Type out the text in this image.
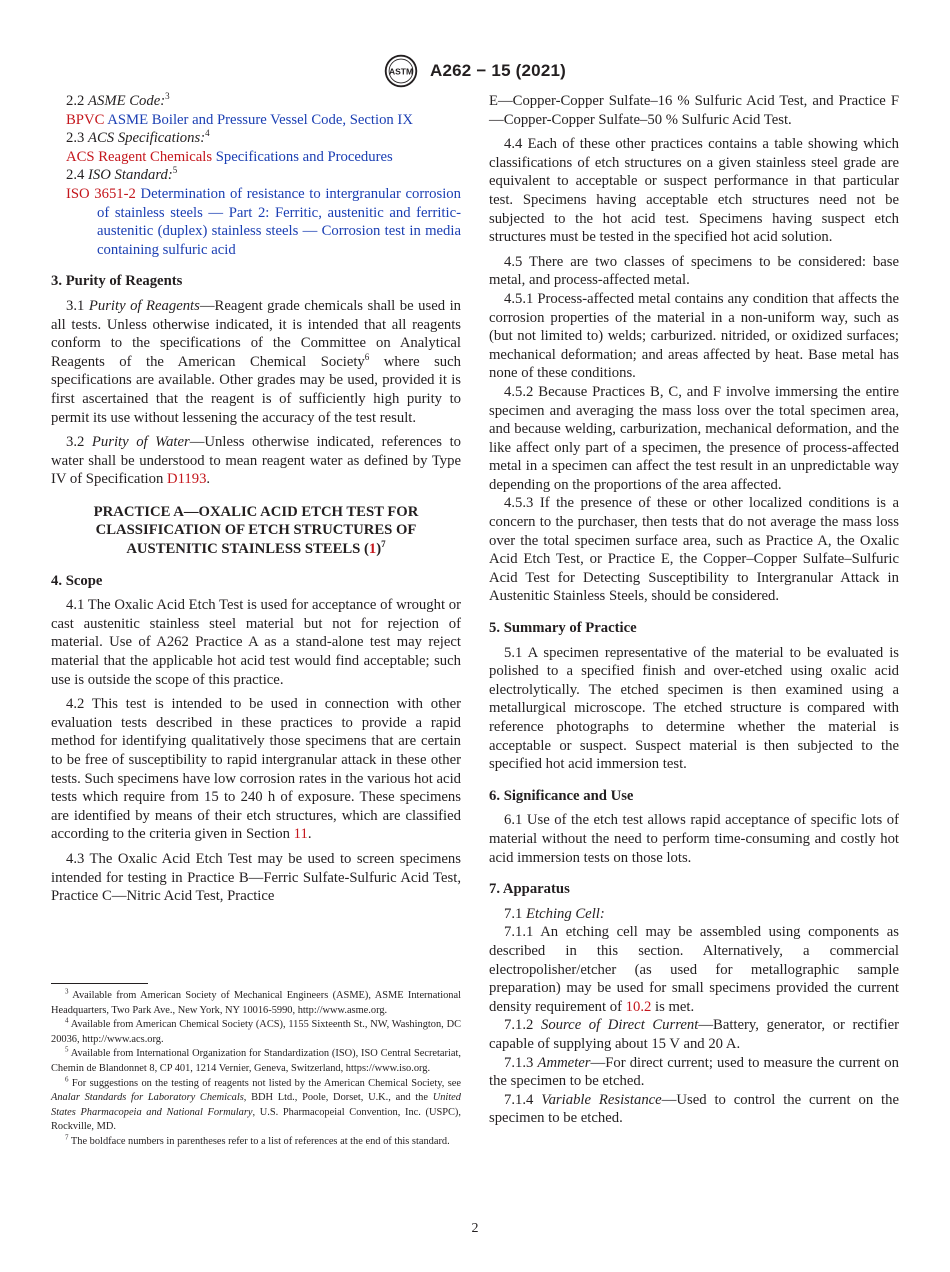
ASTM A262 − 15 (2021)

2.2 ASME Code:$^3$

BPVC ASME Boiler and Pressure Vessel Code, Section IX

2.3 ACS Specifications:$^4$

ACS Reagent Chemicals Specifications and Procedures

2.4 ISO Standard:$^5$

ISO 3651-2 Determination of resistance to intergranular corrosion of stainless steels — Part 2: Ferritic, austenitic and ferritic-austenitic (duplex) stainless steels — Corrosion test in media containing sulfuric acid

3. Purity of Reagents

3.1 Purity of Reagents—Reagent grade chemicals shall be used in all tests. Unless otherwise indicated, it is intended that all reagents conform to the specifications of the Committee on Analytical Reagents of the American Chemical Society$^6$ where such specifications are available. Other grades may be used, provided it is first ascertained that the reagent is of sufficiently high purity to permit its use without lessening the accuracy of the test result.

3.2 Purity of Water—Unless otherwise indicated, references to water shall be understood to mean reagent water as defined by Type IV of Specification D1193.

PRACTICE A—OXALIC ACID ETCH TEST FOR CLASSIFICATION OF ETCH STRUCTURES OF AUSTENITIC STAINLESS STEELS $(1)^7$
4. Scope

4.1 The Oxalic Acid Etch Test is used for acceptance of wrought or cast austenitic stainless steel material but not for rejection of material. Use of A262 Practice A as a stand-alone test may reject material that the applicable hot acid test would find acceptable; such use is outside the scope of this practice.

4.2 This test is intended to be used in connection with other evaluation tests described in these practices to provide a rapid method for identifying qualitatively those specimens that are certain to be free of susceptibility to rapid intergranular attack in these other tests. Such specimens have low corrosion rates in the various hot acid tests which require from 15 to 240 h of exposure. These specimens are identified by means of their etch structures, which are classified according to the criteria given in Section 11.

4.3 The Oxalic Acid Etch Test may be used to screen specimens intended for testing in Practice B—Ferric Sulfate-Sulfuric Acid Test, Practice C—Nitric Acid Test, Practice

$^3$ Available from American Society of Mechanical Engineers (ASME), ASME International Headquarters, Two Park Ave., New York, NY 10016-5990, http://www.asme.org.

$^4$ Available from American Chemical Society (ACS), 1155 Sixteenth St., NW, Washington, DC 20036, http://www.acs.org.

$^5$ Available from International Organization for Standardization (ISO), ISO Central Secretariat, Chemin de Blandonnet 8, CP 401, 1214 Vernier, Geneva, Switzerland, https://www.iso.org.

$^6$ For suggestions on the testing of reagents not listed by the American Chemical Society, see Analar Standards for Laboratory Chemicals, BDH Ltd., Poole, Dorset, U.K., and the United States Pharmacopeia and National Formulary, U.S. Pharmacopeial Convention, Inc. (USPC), Rockville, MD.

$^7$ The boldface numbers in parentheses refer to a list of references at the end of this standard.

E—Copper-Copper Sulfate–16 % Sulfuric Acid Test, and Practice F—Copper-Copper Sulfate–50 % Sulfuric Acid Test.

4.4 Each of these other practices contains a table showing which classifications of etch structures on a given stainless steel grade are equivalent to acceptable or suspect performance in that particular test. Specimens having acceptable etch structures need not be subjected to the hot acid test. Specimens having suspect etch structures must be tested in the specified hot acid solution.

4.5 There are two classes of specimens to be considered: base metal, and process-affected metal.

4.5.1 Process-affected metal contains any condition that affects the corrosion properties of the material in a non-uniform way, such as (but not limited to) welds; carburized. nitrided, or oxidized surfaces; mechanical deformation; and areas affected by heat. Base metal has none of these conditions.

4.5.2 Because Practices B, C, and F involve immersing the entire specimen and averaging the mass loss over the total specimen area, and because welding, carburization, mechanical deformation, and the like affect only part of a specimen, the presence of process-affected metal in a specimen can affect the test result in an unpredictable way depending on the proportions of the area affected.

4.5.3 If the presence of these or other localized conditions is a concern to the purchaser, then tests that do not average the mass loss over the total specimen surface area, such as Practice A, the Oxalic Acid Etch Test, or Practice E, the Copper–Copper Sulfate–Sulfuric Acid Test for Detecting Susceptibility to Intergranular Attack in Austenitic Stainless Steels, should be considered.

5. Summary of Practice

5.1 A specimen representative of the material to be evaluated is polished to a specified finish and over-etched using oxalic acid electrolytically. The etched specimen is then examined using a metallurgical microscope. The etched structure is compared with reference photographs to determine whether the material is acceptable or suspect. Suspect material is then subjected to the specified hot acid immersion test.

6. Significance and Use

6.1 Use of the etch test allows rapid acceptance of specific lots of material without the need to perform time-consuming and costly hot acid immersion tests on those lots.

7. Apparatus

7.1 Etching Cell:

7.1.1 An etching cell may be assembled using components as described in this section. Alternatively, a commercial electropolisher/etcher (as used for metallographic sample preparation) may be used for small specimens provided the current density requirement of 10.2 is met.

7.1.2 Source of Direct Current—Battery, generator, or rectifier capable of supplying about 15 V and 20 A.

7.1.3 Ammeter—For direct current; used to measure the current on the specimen to be etched.

7.1.4 Variable Resistance—Used to control the current on the specimen to be etched.

2
